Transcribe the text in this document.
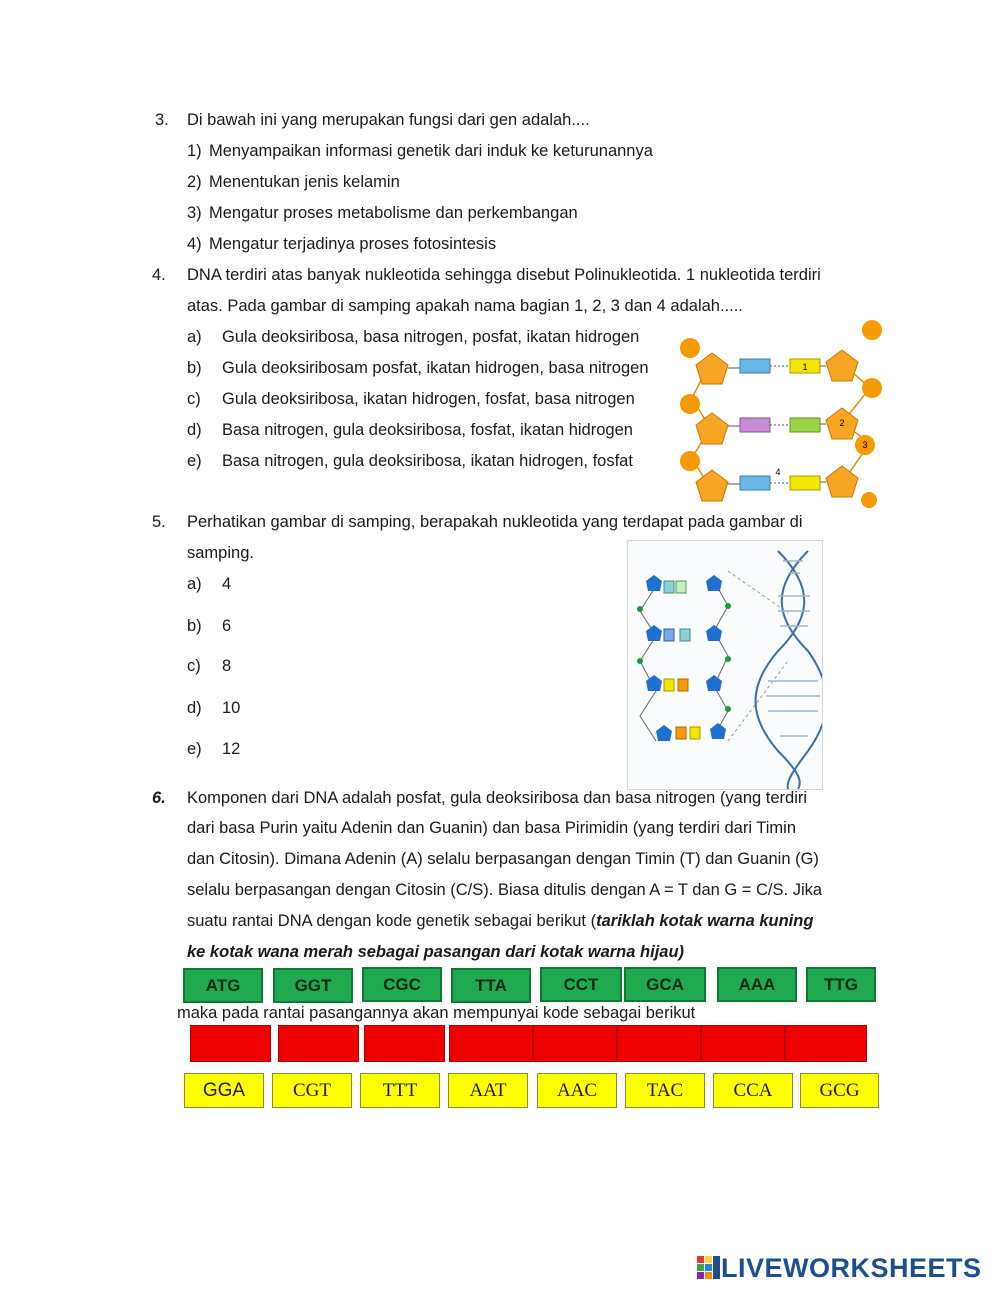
3. Di bawah ini yang merupakan fungsi dari gen adalah....
1) Menyampaikan informasi genetik dari induk ke keturunannya
2) Menentukan jenis kelamin
3) Mengatur proses metabolisme dan perkembangan
4) Mengatur terjadinya proses fotosintesis
4. DNA terdiri atas banyak nukleotida sehingga disebut Polinukleotida. 1 nukleotida terdiri
atas. Pada gambar di samping apakah nama bagian 1, 2, 3 dan 4 adalah.....
a) Gula deoksiribosa, basa nitrogen, posfat, ikatan hidrogen
b) Gula deoksiribosam posfat, ikatan hidrogen, basa nitrogen
c) Gula deoksiribosa, ikatan hidrogen, fosfat, basa nitrogen
d) Basa nitrogen, gula deoksiribosa, fosfat, ikatan hidrogen
e) Basa nitrogen, gula deoksiribosa, ikatan hidrogen, fosfat
1
2
3
4
5. Perhatikan gambar di samping, berapakah nukleotida yang terdapat pada gambar di
samping.
a) 4
b) 6
c) 8
d) 10
e) 12
6. Komponen dari DNA adalah posfat, gula deoksiribosa dan basa nitrogen (yang terdiri
dari basa Purin yaitu Adenin dan Guanin) dan basa Pirimidin (yang terdiri dari Timin
dan Citosin). Dimana Adenin (A) selalu berpasangan dengan Timin (T) dan Guanin (G)
selalu berpasangan dengan Citosin (C/S). Biasa ditulis dengan A = T dan G = C/S. Jika
suatu rantai DNA dengan kode genetik sebagai berikut (tariklah kotak warna kuning
ke kotak wana merah sebagai pasangan dari kotak warna hijau)
ATG	GGT	CGC	TTA	CCT	GCA	AAA	TTG
maka pada rantai pasangannya akan mempunyai kode sebagai berikut
GGA	CGT	TTT	AAT	AAC	TAC	CCA	GCG
LIVEWORKSHEETS
